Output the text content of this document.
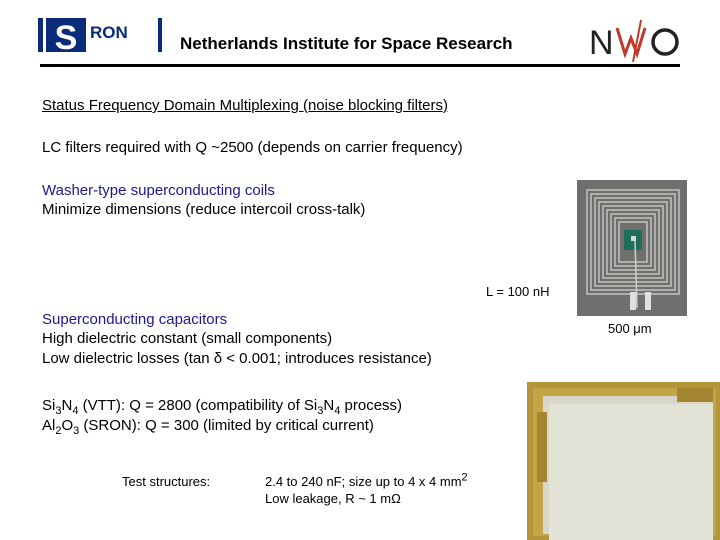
S RON
Netherlands Institute for Space Research N
Status Frequency Domain Multiplexing (noise blocking filters)
LC filters required with Q ~2500 (depends on carrier frequency)
Washer-type superconducting coils
Minimize dimensions (reduce intercoil cross-talk)
L = 100 nH
Superconducting capacitors
High dielectric constant (small components)
Low dielectric losses (tan δ < 0.001; introduces resistance)
500 μm
$Si_3N_4$ (VTT): Q = 2800 (compatibility of $Si_3N_4$ process)
$Al_2O_3$ (SRON): Q = 300 (limited by critical current)
Test structures:	2.4 to 240 nF; size up to 4 x 4 $mm^2$
Low leakage, R ~ 1 mΩ
